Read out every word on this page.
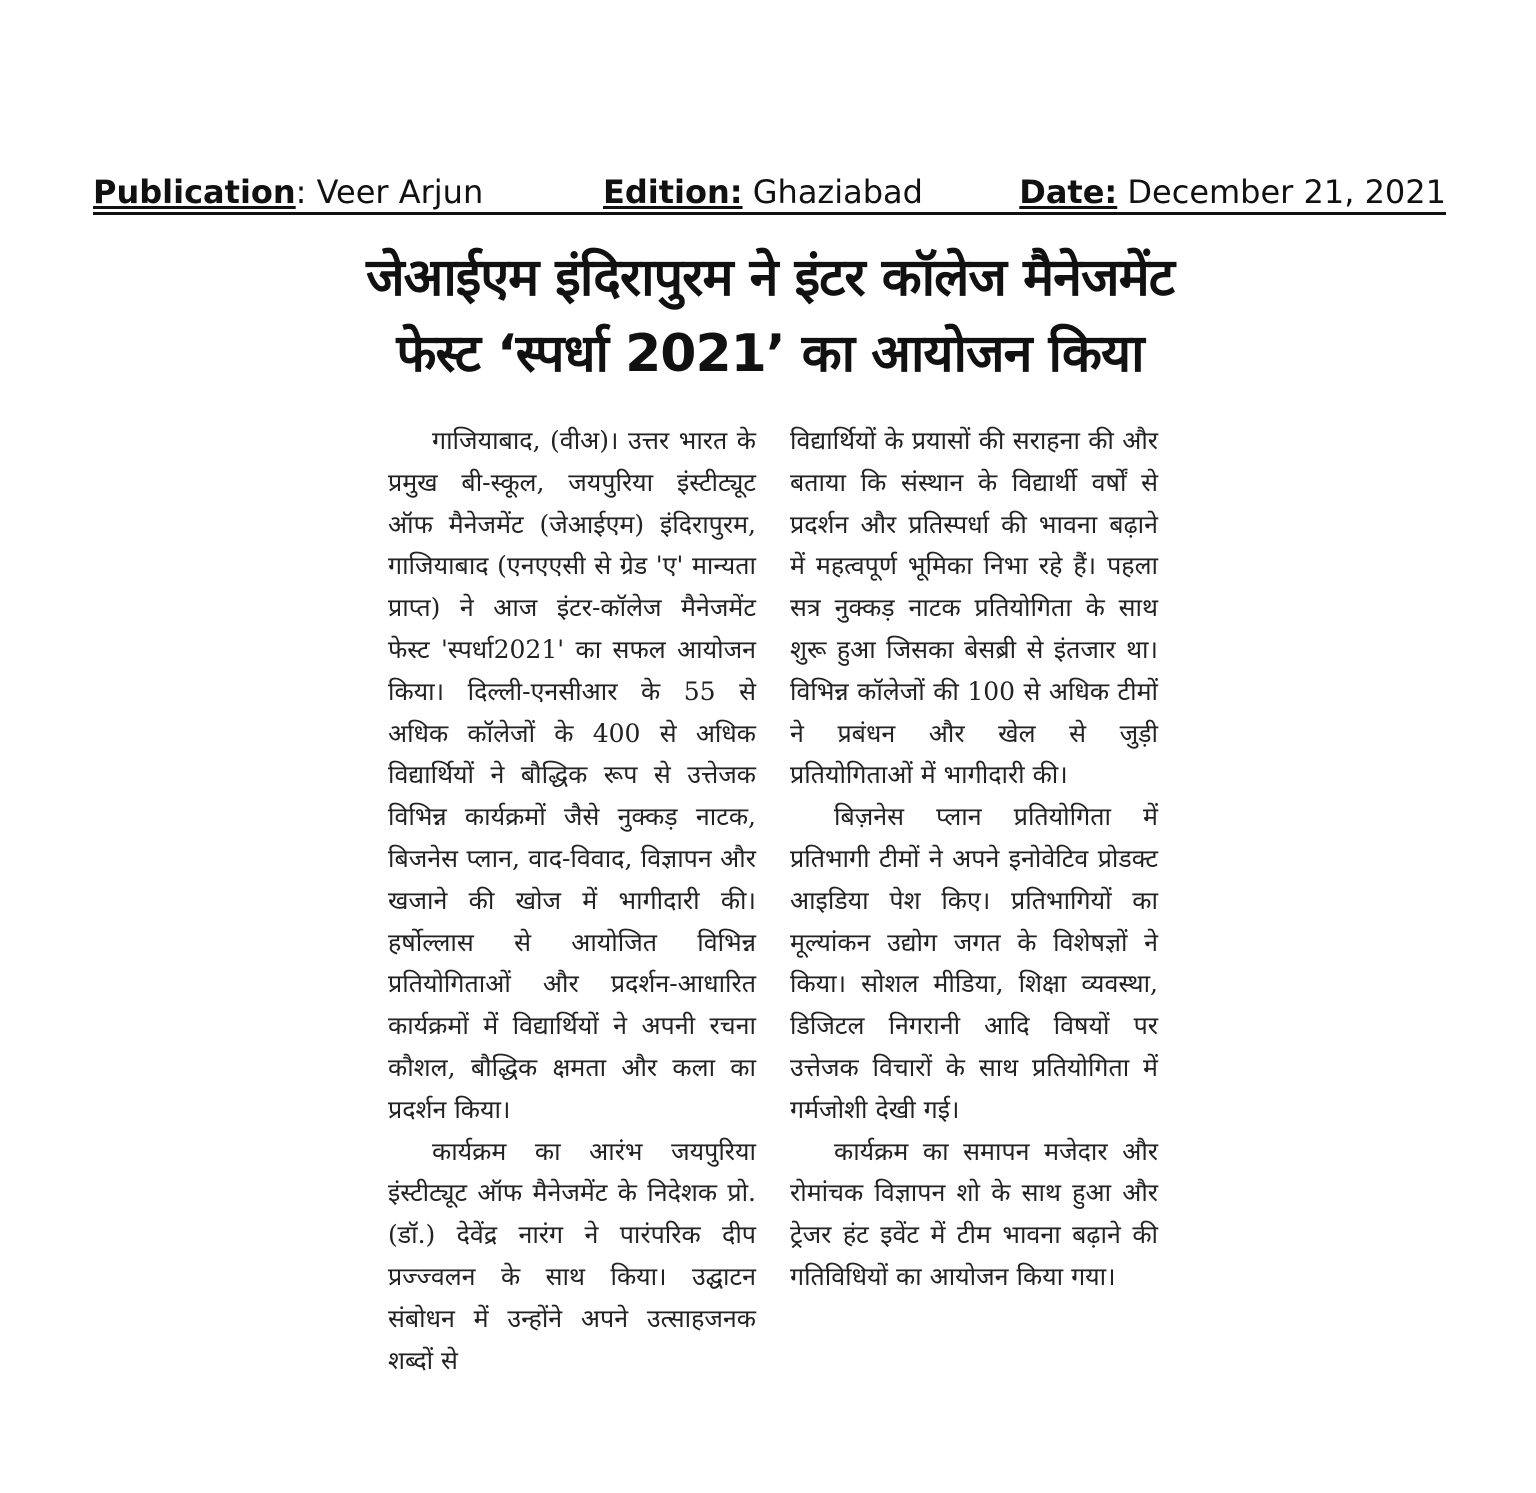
Publication: Veer Arjun	Edition: Ghaziabad	Date: December 21, 2021
जेआईएम इंदिरापुरम ने इंटर कॉलेज मैनेजमेंट
फेस्ट ‘स्पर्धा 2021’ का आयोजन किया

गाजियाबाद, (वीअ)। उत्तर भारत के प्रमुख बी-स्कूल, जयपुरिया इंस्टीट्यूट ऑफ मैनेजमेंट (जेआईएम) इंदिरापुरम, गाजियाबाद (एनएएसी से ग्रेड 'ए' मान्यता प्राप्त) ने आज इंटर-कॉलेज मैनेजमेंट फेस्ट 'स्पर्धा2021' का सफल आयोजन किया। दिल्ली-एनसीआर के 55 से अधिक कॉलेजों के 400 से अधिक विद्यार्थियों ने बौद्धिक रूप से उत्तेजक विभिन्न कार्यक्रमों जैसे नुक्कड़ नाटक, बिजनेस प्लान, वाद-विवाद, विज्ञापन और खजाने की खोज में भागीदारी की। हर्षोल्लास से आयोजित विभिन्न प्रतियोगिताओं और प्रदर्शन-आधारित कार्यक्रमों में विद्यार्थियों ने अपनी रचना कौशल, बौद्धिक क्षमता और कला का प्रदर्शन किया।

कार्यक्रम का आरंभ जयपुरिया इंस्टीट्यूट ऑफ मैनेजमेंट के निदेशक प्रो. (डॉ.) देवेंद्र नारंग ने पारंपरिक दीप प्रज्ज्वलन के साथ किया। उद्घाटन संबोधन में उन्होंने अपने उत्साहजनक शब्दों से

विद्यार्थियों के प्रयासों की सराहना की और बताया कि संस्थान के विद्यार्थी वर्षों से प्रदर्शन और प्रतिस्पर्धा की भावना बढ़ाने में महत्वपूर्ण भूमिका निभा रहे हैं। पहला सत्र नुक्कड़ नाटक प्रतियोगिता के साथ शुरू हुआ जिसका बेसब्री से इंतजार था। विभिन्न कॉलेजों की 100 से अधिक टीमों ने प्रबंधन और खेल से जुड़ी प्रतियोगिताओं में भागीदारी की।

बिज़नेस प्लान प्रतियोगिता में प्रतिभागी टीमों ने अपने इनोवेटिव प्रोडक्ट आइडिया पेश किए। प्रतिभागियों का मूल्यांकन उद्योग जगत के विशेषज्ञों ने किया। सोशल मीडिया, शिक्षा व्यवस्था, डिजिटल निगरानी आदि विषयों पर उत्तेजक विचारों के साथ प्रतियोगिता में गर्मजोशी देखी गई।

कार्यक्रम का समापन मजेदार और रोमांचक विज्ञापन शो के साथ हुआ और ट्रेजर हंट इवेंट में टीम भावना बढ़ाने की गतिविधियों का आयोजन किया गया।
